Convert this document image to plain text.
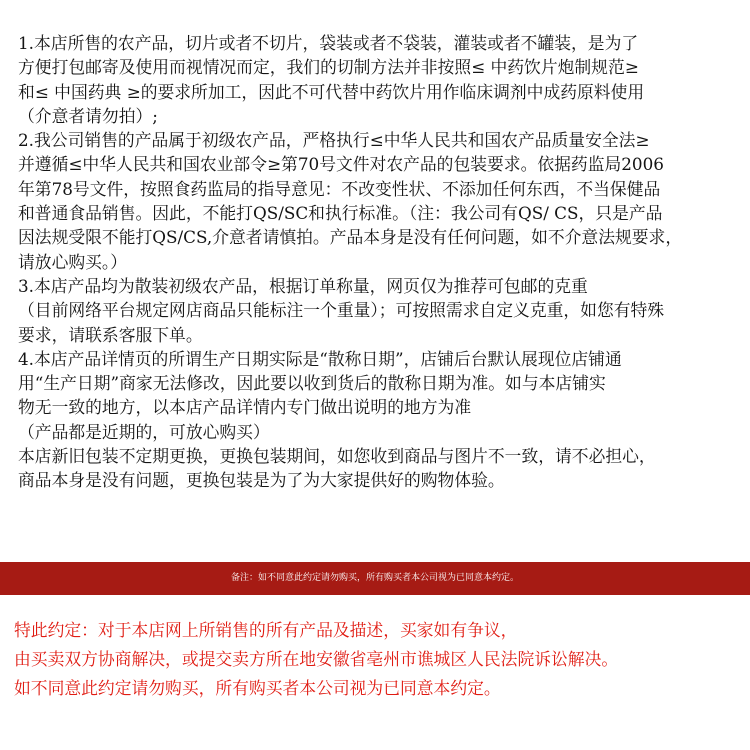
1.本店所售的农产品，切片或者不切片，袋装或者不袋装，灌装或者不罐装，是为了
方便打包邮寄及使用而视情况而定，我们的切制方法并非按照≤ 中药饮片炮制规范≥
和≤ 中国药典 ≥的要求所加工，因此不可代替中药饮片用作临床调剂中成药原料使用
（介意者请勿拍）;
2.我公司销售的产品属于初级农产品，严格执行≤中华人民共和国农产品质量安全法≥
并遵循≤中华人民共和国农业部令≥第70号文件对农产品的包装要求。依据药监局2006
年第78号文件，按照食药监局的指导意见：不改变性状、不添加任何东西，不当保健品
和普通食品销售。因此，不能打QS/SC和执行标准。（注：我公司有QS/ CS，只是产品
因法规受限不能打QS/CS,介意者请慎拍。产品本身是没有任何问题，如不介意法规要求，
请放心购买。）
3.本店产品均为散装初级农产品，根据订单称量，网页仅为推荐可包邮的克重
（目前网络平台规定网店商品只能标注一个重量）；可按照需求自定义克重，如您有特殊
要求，请联系客服下单。
4.本店产品详情页的所谓生产日期实际是“散称日期”，店铺后台默认展现位店铺通
用“生产日期”商家无法修改，因此要以收到货后的散称日期为准。如与本店铺实
物无一致的地方，以本店产品详情内专门做出说明的地方为准
（产品都是近期的，可放心购买）
本店新旧包装不定期更换，更换包装期间，如您收到商品与图片不一致，请不必担心，
商品本身是没有问题，更换包装是为了为大家提供好的购物体验。
备注：如不同意此约定请勿购买，所有购买者本公司视为已同意本约定。
特此约定：对于本店网上所销售的所有产品及描述，买家如有争议，
由买卖双方协商解决，或提交卖方所在地安徽省亳州市谯城区人民法院诉讼解决。
如不同意此约定请勿购买，所有购买者本公司视为已同意本约定。
